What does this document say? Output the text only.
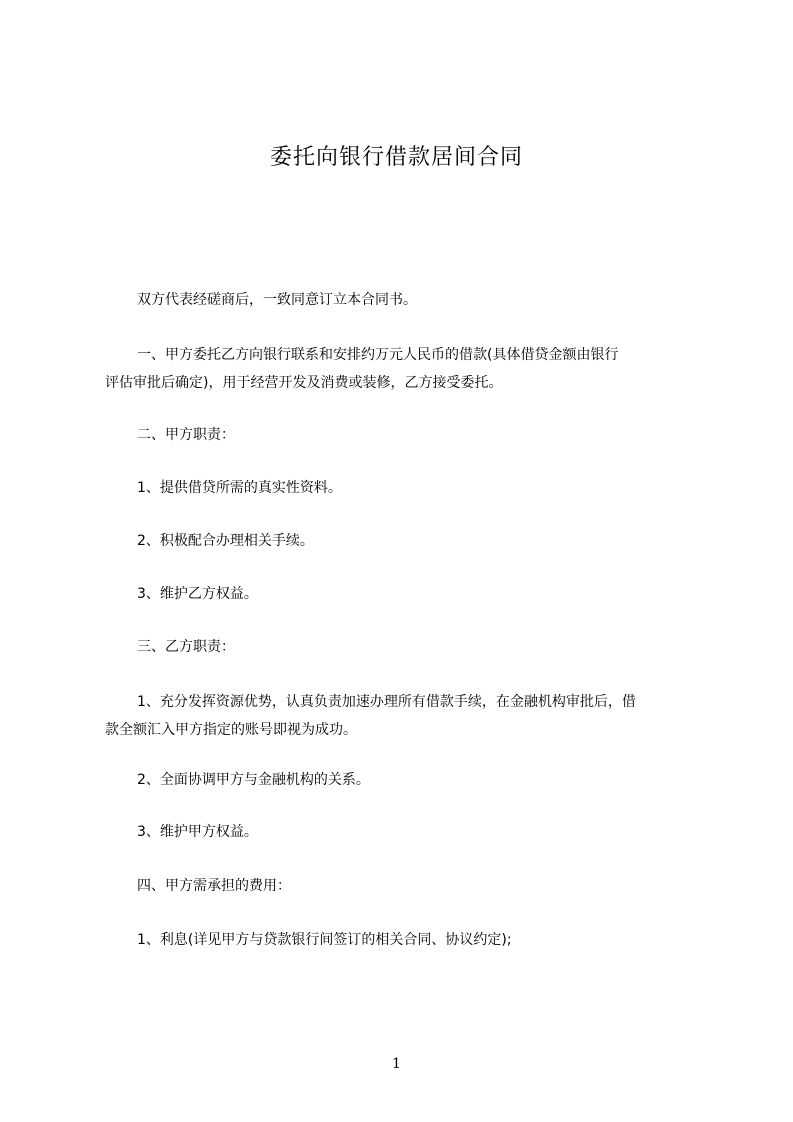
委托向银行借款居间合同
双方代表经磋商后，一致同意订立本合同书。
一、甲方委托乙方向银行联系和安排约万元人民币的借款(具体借贷金额由银行
评估审批后确定)，用于经营开发及消费或装修，乙方接受委托。
二、甲方职责：
1、提供借贷所需的真实性资料。
2、积极配合办理相关手续。
3、维护乙方权益。
三、乙方职责：
1、充分发挥资源优势，认真负责加速办理所有借款手续，在金融机构审批后，借
款全额汇入甲方指定的账号即视为成功。
2、全面协调甲方与金融机构的关系。
3、维护甲方权益。
四、甲方需承担的费用：
1、利息(详见甲方与贷款银行间签订的相关合同、协议约定);
1
